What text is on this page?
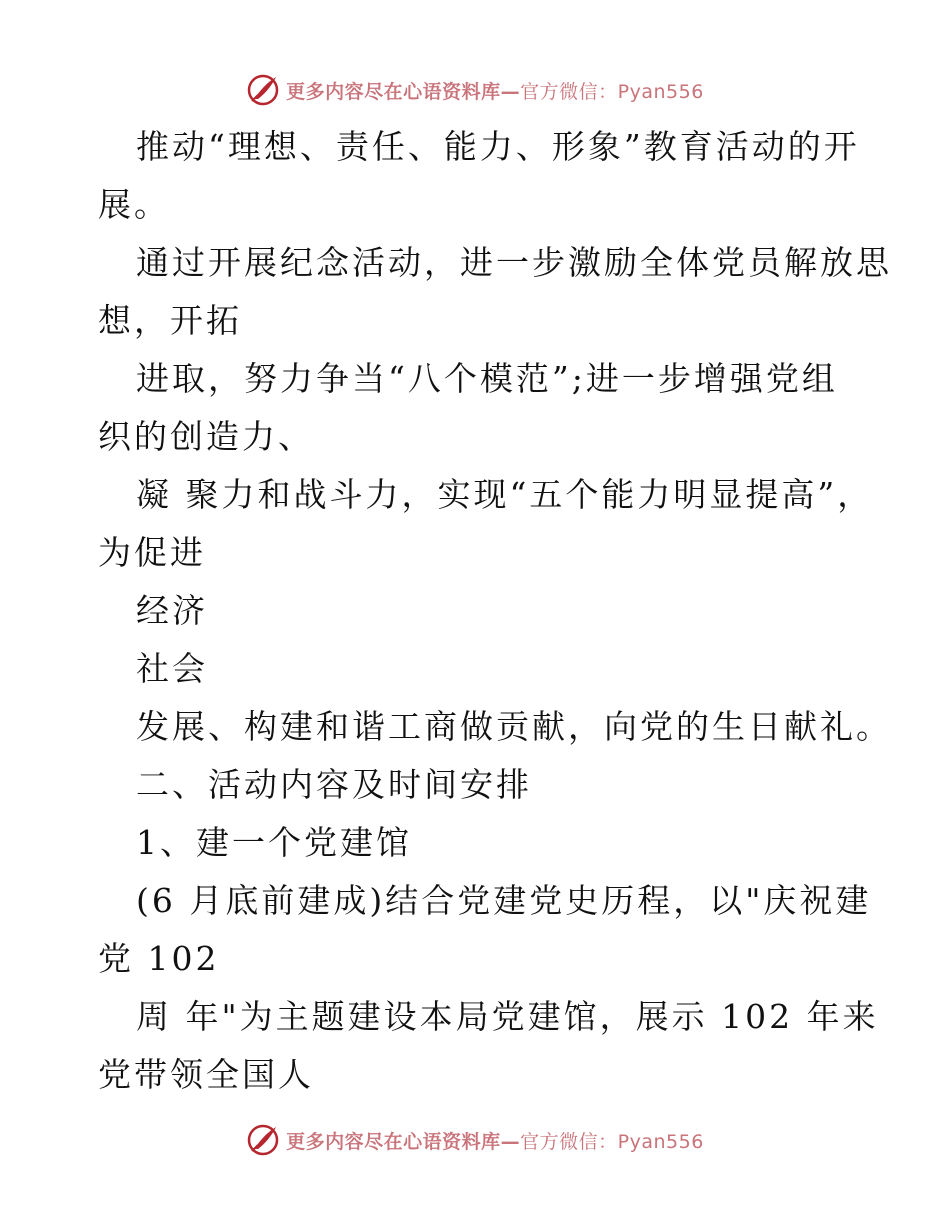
更多内容尽在心语资料库—官方微信：Pyan556
推动“理想、责任、能力、形象”教育活动的开
展。
通过开展纪念活动，进一步激励全体党员解放思
想，开拓
进取，努力争当“八个模范”;进一步增强党组
织的创造力、
凝 聚力和战斗力，实现“五个能力明显提高”，
为促进
经济
社会
发展、构建和谐工商做贡献，向党的生日献礼。
二、活动内容及时间安排
1、建一个党建馆
(6 月底前建成)结合党建党史历程，以"庆祝建
党 102
周 年"为主题建设本局党建馆，展示 102 年来
党带领全国人
更多内容尽在心语资料库—官方微信：Pyan556
